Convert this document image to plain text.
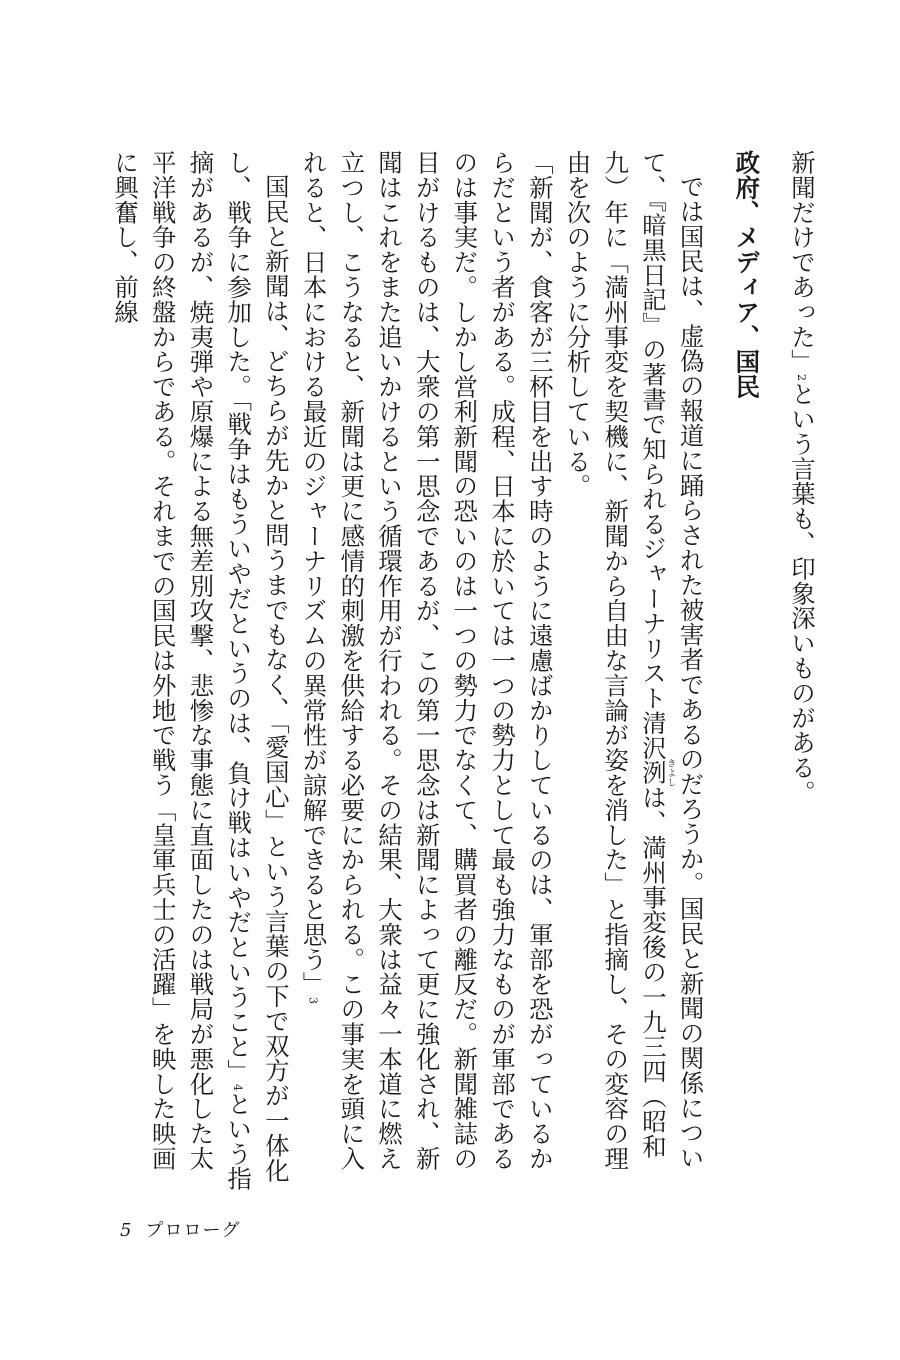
新聞だけであった」2という言葉も、印象深いものがある。

政府、メディア、国民

では国民は、虚偽の報道に踊らされた被害者であるのだろうか。国民と新聞の関係について、『暗黒日記』の著書で知られるジャーナリスト清沢洌きよしは、満州事変後の一九三四（昭和九）年に「満州事変を契機に、新聞から自由な言論が姿を消した」と指摘し、その変容の理由を次のように分析している。

「新聞が、食客が三杯目を出す時のように遠慮ばかりしているのは、軍部を恐がっているからだという者がある。成程、日本に於いては一つの勢力として最も強力なものが軍部であるのは事実だ。しかし営利新聞の恐いのは一つの勢力でなくて、購買者の離反だ。新聞雑誌の目がけるものは、大衆の第一思念であるが、この第一思念は新聞によって更に強化され、新聞はこれをまた追いかけるという循環作用が行われる。その結果、大衆は益々一本道に燃え立つし、こうなると、新聞は更に感情的刺激を供給する必要にかられる。この事実を頭に入れると、日本における最近のジャーナリズムの異常性が諒解できると思う」3

国民と新聞は、どちらが先かと問うまでもなく、「愛国心」という言葉の下で双方が一体化し、戦争に参加した。「戦争はもういやだというのは、負け戦はいやだということ」4という指摘があるが、焼夷弾や原爆による無差別攻撃、悲惨な事態に直面したのは戦局が悪化した太平洋戦争の終盤からである。それまでの国民は外地で戦う「皇軍兵士の活躍」を映した映画に興奮し、前線

5 プロローグ
